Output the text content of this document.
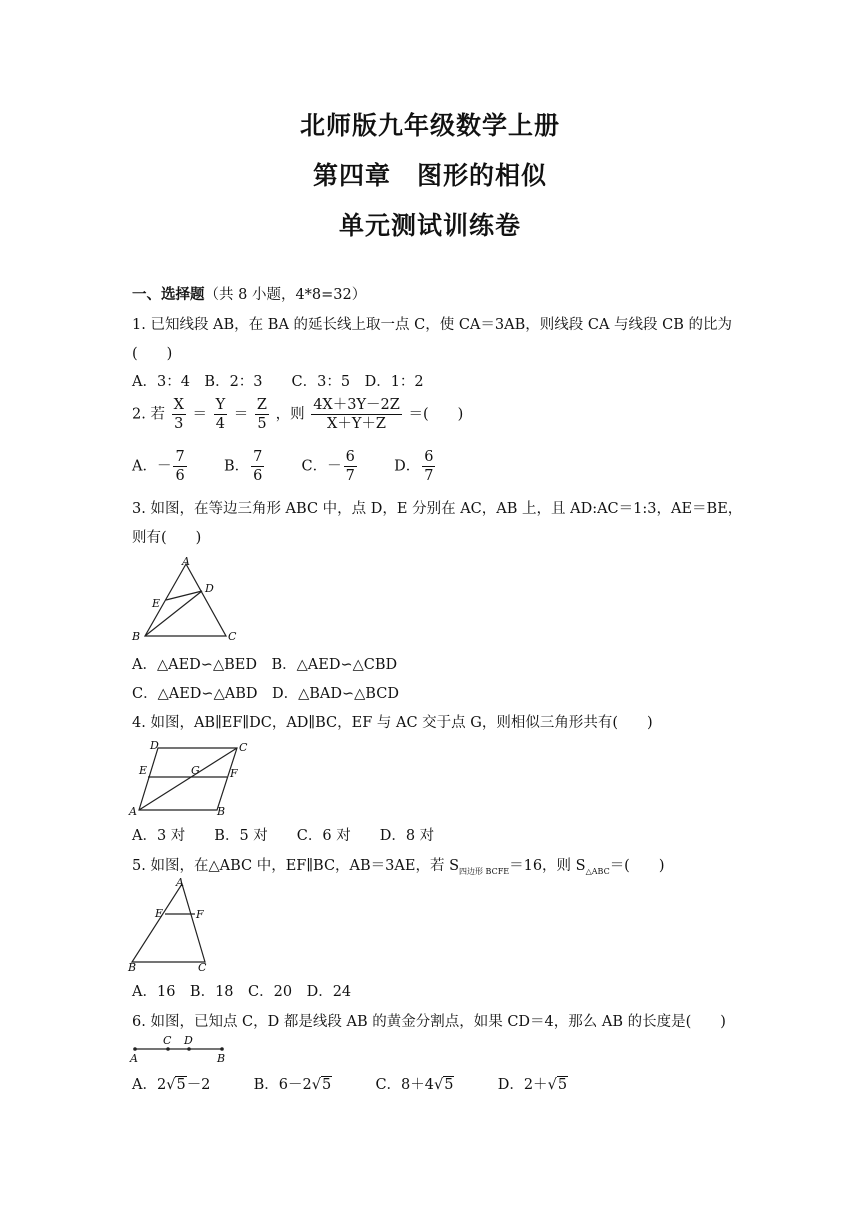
北师版九年级数学上册
第四章　图形的相似
单元测试训练卷
一、选择题（共 8 小题，4*8=32）
1. 已知线段 AB，在 BA 的延长线上取一点 C，使 CA＝3AB，则线段 CA 与线段 CB 的比为
(　　)
A．3：4　B．2：3　　C．3：5　D．1：2
2. 若 $\frac{X}{3} = \frac{Y}{4} = \frac{Z}{5}$ ，则 $\frac{4X+3Y-2Z}{X+Y+Z}$ ＝(　　)
A．－ $\frac{7}{6}$	B． $\frac{7}{6}$	C．－ $\frac{6}{7}$	D． $\frac{6}{7}$
3. 如图，在等边三角形 ABC 中，点 D，E 分别在 AC，AB 上，且 AD:AC＝1:3，AE＝BE，
则有(　　)
A
D
E
B	C
A．△AED∽△BED　B．△AED∽△CBD
C．△AED∽△ABD　D．△BAD∽△BCD
4. 如图，AB∥EF∥DC，AD∥BC，EF 与 AC 交于点 G，则相似三角形共有(　　)
D	C
E	G	F
A	B
A．3 对　　B．5 对　　C．6 对　　D．8 对
5. 如图，在△ABC 中，EF∥BC，AB＝3AE，若 $S_{四边形 BCFE}=16$，则 $S_{\triangle ABC}=$(　　)
A
E	F
B	C
A．16　B．18　C．20　D．24
6. 如图，已知点 C，D 都是线段 AB 的黄金分割点，如果 CD＝4，那么 AB 的长度是(　　)
C D
A	B
A．2√5－2	B．6－2√5	C．8＋4√5	D．2＋√5
